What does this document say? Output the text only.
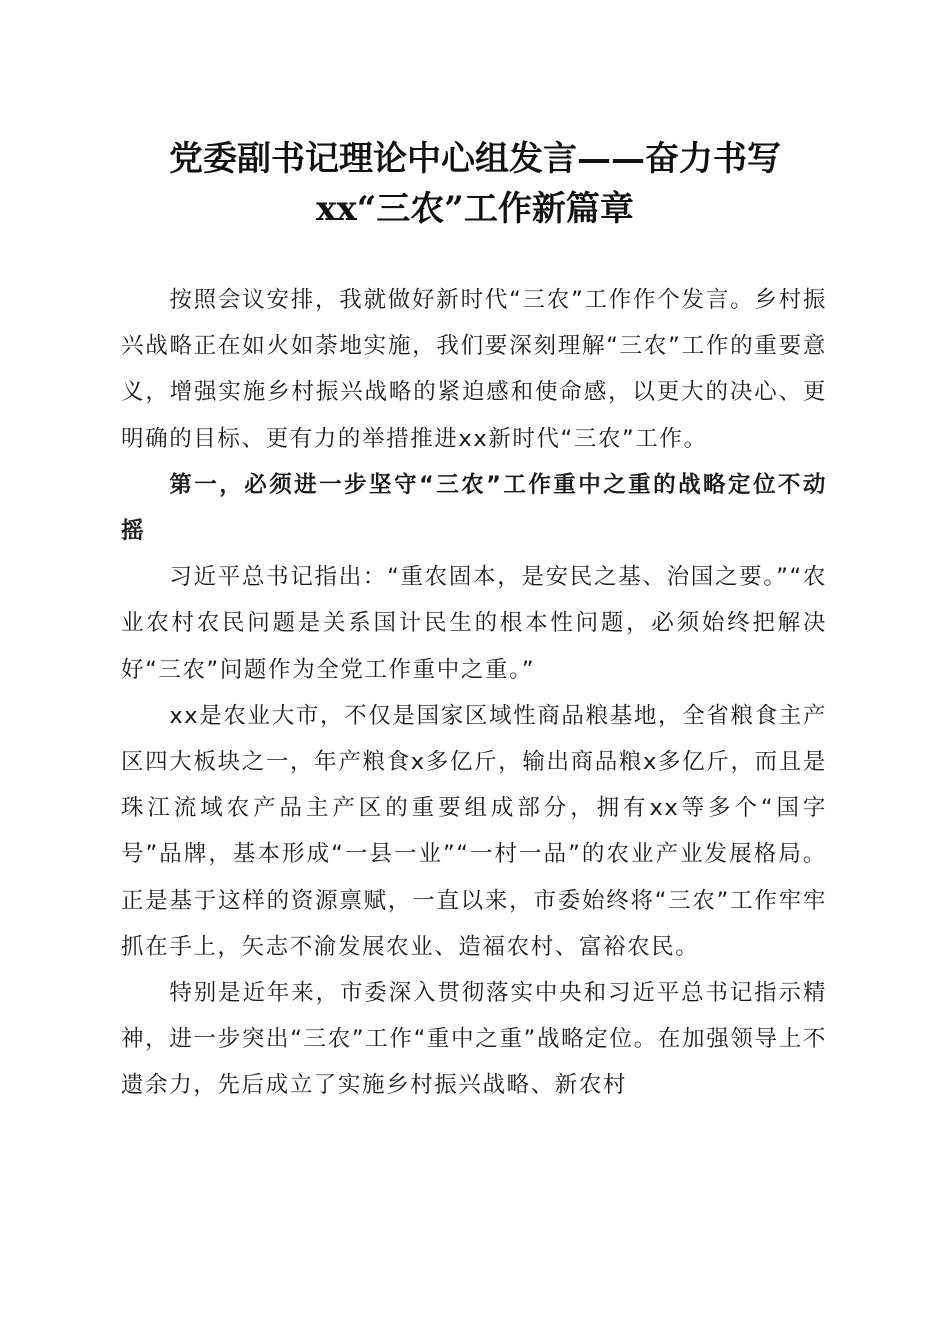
党委副书记理论中心组发言——奋力书写
xx“三农”工作新篇章

按照会议安排，我就做好新时代“三农”工作作个发言。乡村振兴战略正在如火如荼地实施，我们要深刻理解“三农”工作的重要意义，增强实施乡村振兴战略的紧迫感和使命感，以更大的决心、更明确的目标、更有力的举措推进xx新时代“三农”工作。

第一，必须进一步坚守“三农”工作重中之重的战略定位不动摇

习近平总书记指出：“重农固本，是安民之基、治国之要。”“农业农村农民问题是关系国计民生的根本性问题，必须始终把解决好“三农”问题作为全党工作重中之重。”

xx是农业大市，不仅是国家区域性商品粮基地，全省粮食主产区四大板块之一，年产粮食x多亿斤，输出商品粮x多亿斤，而且是珠江流域农产品主产区的重要组成部分，拥有xx等多个“国字号”品牌，基本形成“一县一业”“一村一品”的农业产业发展格局。正是基于这样的资源禀赋，一直以来，市委始终将“三农”工作牢牢抓在手上，矢志不渝发展农业、造福农村、富裕农民。

特别是近年来，市委深入贯彻落实中央和习近平总书记指示精神，进一步突出“三农”工作“重中之重”战略定位。在加强领导上不遗余力，先后成立了实施乡村振兴战略、新农村
